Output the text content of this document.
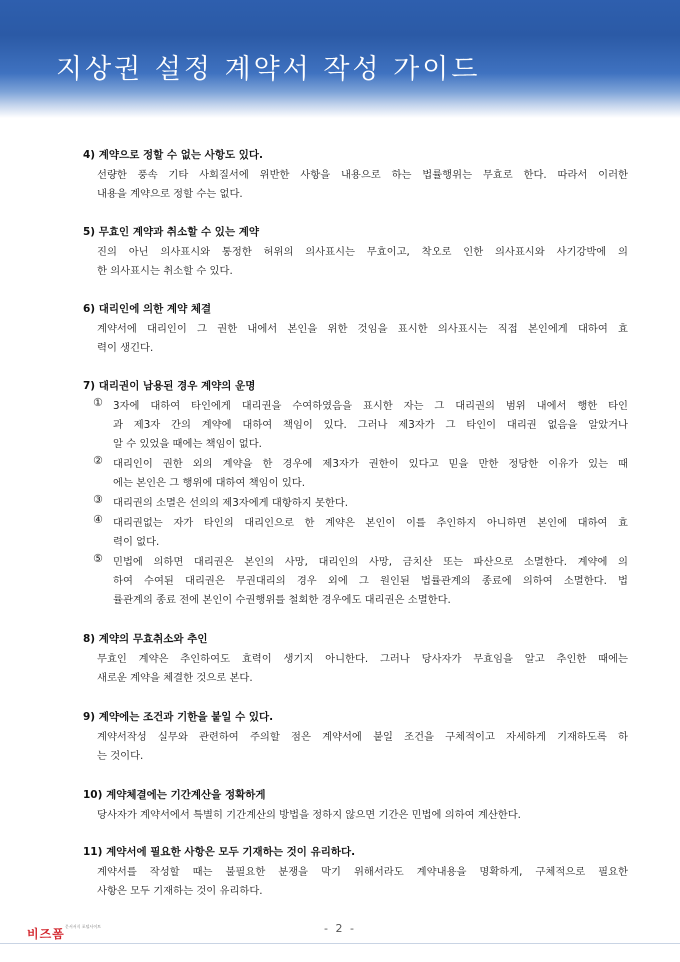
지상권 설정 계약서 작성 가이드
4) 계약으로 정할 수 없는 사항도 있다.
선량한 풍속 기타 사회질서에 위반한 사항을 내용으로 하는 법률행위는 무효로 한다. 따라서 이러한
내용을 계약으로 정할 수는 없다.
5) 무효인 계약과 취소할 수 있는 계약
진의 아닌 의사표시와 통정한 허위의 의사표시는 무효이고, 착오로 인한 의사표시와 사기강박에 의
한 의사표시는 취소할 수 있다.
6) 대리인에 의한 계약 체결
계약서에 대리인이 그 권한 내에서 본인을 위한 것임을 표시한 의사표시는 직접 본인에게 대하여 효
력이 생긴다.
7) 대리권이 남용된 경우 계약의 운명
① 3자에 대하여 타인에게 대리권을 수여하였음을 표시한 자는 그 대리권의 범위 내에서 행한 타인
과 제3자 간의 계약에 대하여 책임이 있다. 그러나 제3자가 그 타인이 대리권 없음을 알았거나
알 수 있었을 때에는 책임이 없다.
② 대리인이 권한 외의 계약을 한 경우에 제3자가 권한이 있다고 믿을 만한 정당한 이유가 있는 때
에는 본인은 그 행위에 대하여 책임이 있다.
③ 대리권의 소멸은 선의의 제3자에게 대항하지 못한다.
④ 대리권없는 자가 타인의 대리인으로 한 계약은 본인이 이를 추인하지 아니하면 본인에 대하여 효
력이 없다.
⑤ 민법에 의하면 대리권은 본인의 사망, 대리인의 사망, 금치산 또는 파산으로 소멸한다. 계약에 의
하여 수여된 대리권은 무권대리의 경우 외에 그 원인된 법률관계의 종료에 의하여 소멸한다. 법
률관계의 종료 전에 본인이 수권행위를 철회한 경우에도 대리권은 소멸한다.
8) 계약의 무효취소와 추인
무효인 계약은 추인하여도 효력이 생기지 아니한다. 그러나 당사자가 무효임을 알고 추인한 때에는
새로운 계약을 체결한 것으로 본다.
9) 계약에는 조건과 기한을 붙일 수 있다.
계약서작성 실무와 관련하여 주의할 점은 계약서에 붙일 조건을 구체적이고 자세하게 기재하도록 하
는 것이다.
10) 계약체결에는 기간계산을 정확하게
당사자가 계약서에서 특별히 기간계산의 방법을 정하지 않으면 기간은 민법에 의하여 계산한다.
11) 계약서에 필요한 사항은 모두 기재하는 것이 유리하다.
계약서를 작성할 때는 불필요한 분쟁을 막기 위해서라도 계약내용을 명확하게, 구체적으로 필요한
사항은 모두 기재하는 것이 유리하다.
비즈폼
문서서식 포털사이트	- 2 -
